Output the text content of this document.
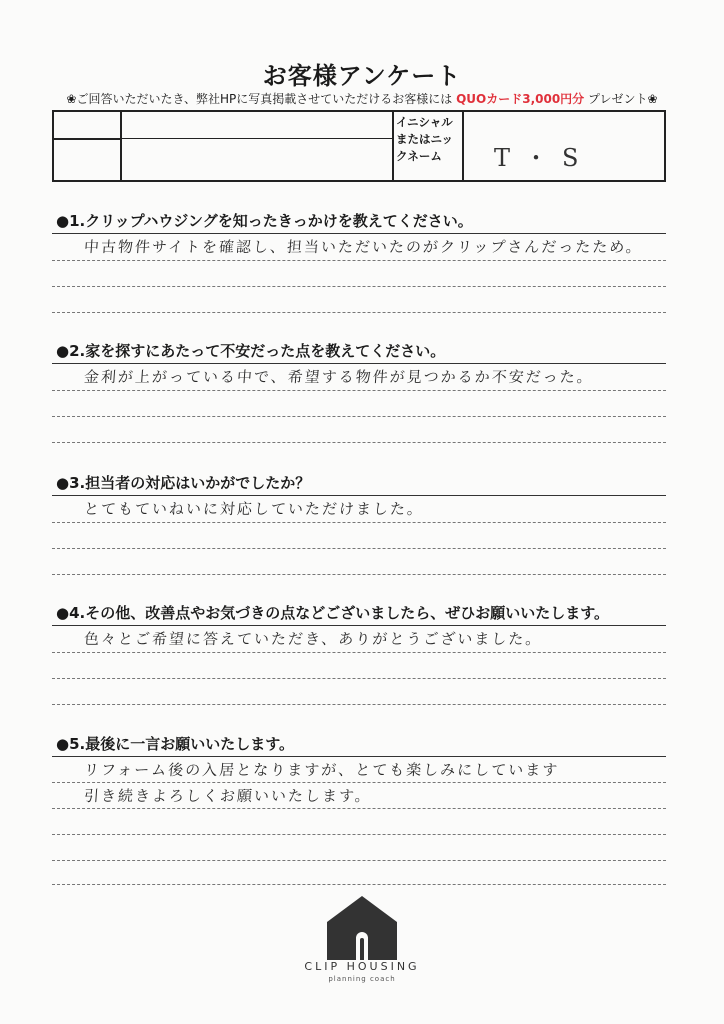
お客様アンケート
❀ご回答いただいたき、弊社HPに写真掲載させていただけるお客様には QUOカード3,000円分 プレゼント❀
イニシャルまたはニックネーム	T・S
●1.クリップハウジングを知ったきっかけを教えてください。
中古物件サイトを確認し、担当いただいたのがクリップさんだったため。
●2.家を探すにあたって不安だった点を教えてください。
金利が上がっている中で、希望する物件が見つかるか不安だった。
●3.担当者の対応はいかがでしたか？
とてもていねいに対応していただけました。
●4.その他、改善点やお気づきの点などございましたら、ぜひお願いいたします。
色々とご希望に答えていただき、ありがとうございました。
●5.最後に一言お願いいたします。
リフォーム後の入居となりますが、とても楽しみにしています
引き続きよろしくお願いいたします。
CLIP HOUSING
planning coach
